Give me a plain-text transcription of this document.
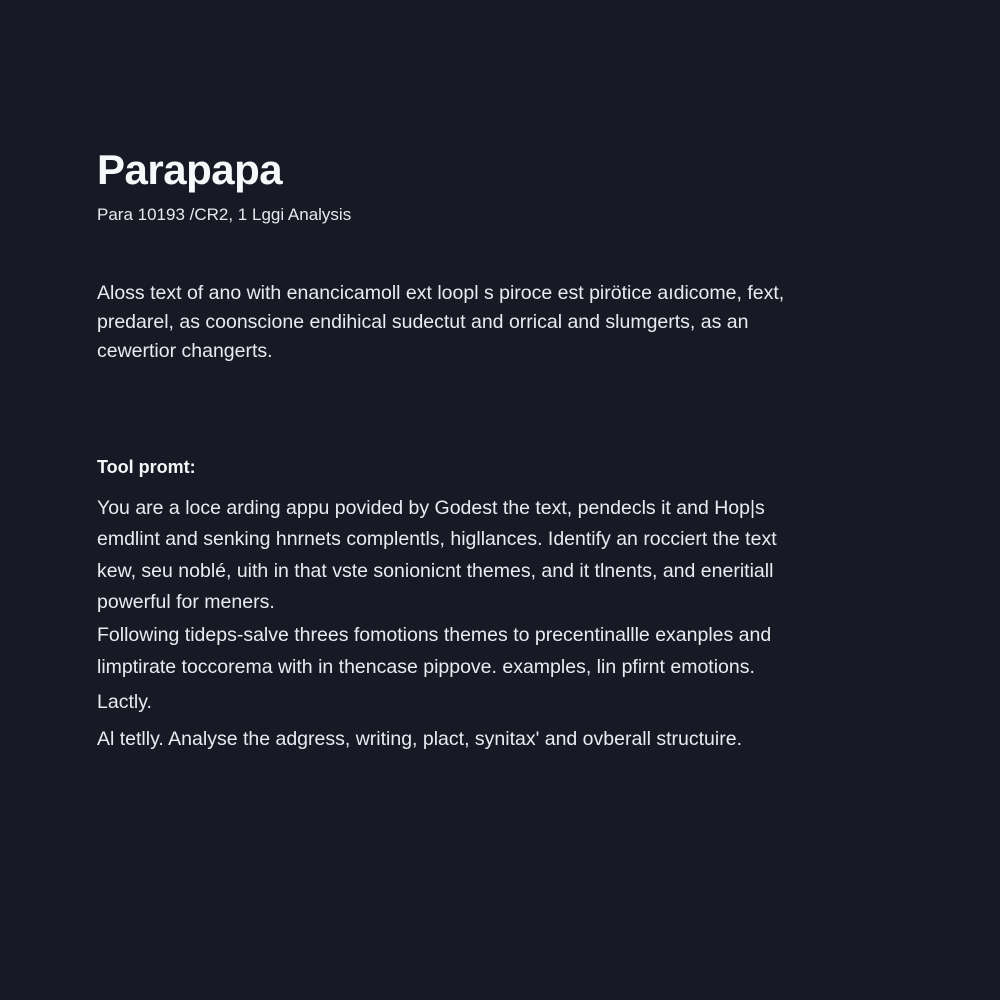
Parapapa
Para 10193 /CR2, 1 Lggi Analysis
Aloss text of ano with enancicamoll ext loopl s piroce est pirötice aıdicome, fext,
predarel, as coonscione endihical sudectut and orrical and slumgerts, as an
cewertior changerts.
Tool promt:
You are a loce arding appu povided by Godest the text, pendecls it and Hop|s
emdlint and senking hnrnets complentls, higllances. Identify an rocciert the text
kew, seu noblé, uith in that vste sonionicnt themes, and it tlnents, and eneritiall
powerful for meners.
Following tideps-salve threes fomotions themes to precentinallle exanples and
limptirate toccorema with in thencase pippove. examples, lin pfirnt emotions.
Lactly.
Al tetlly. Analyse the adgress, writing, plact, synitax' and ovberall structuire.
